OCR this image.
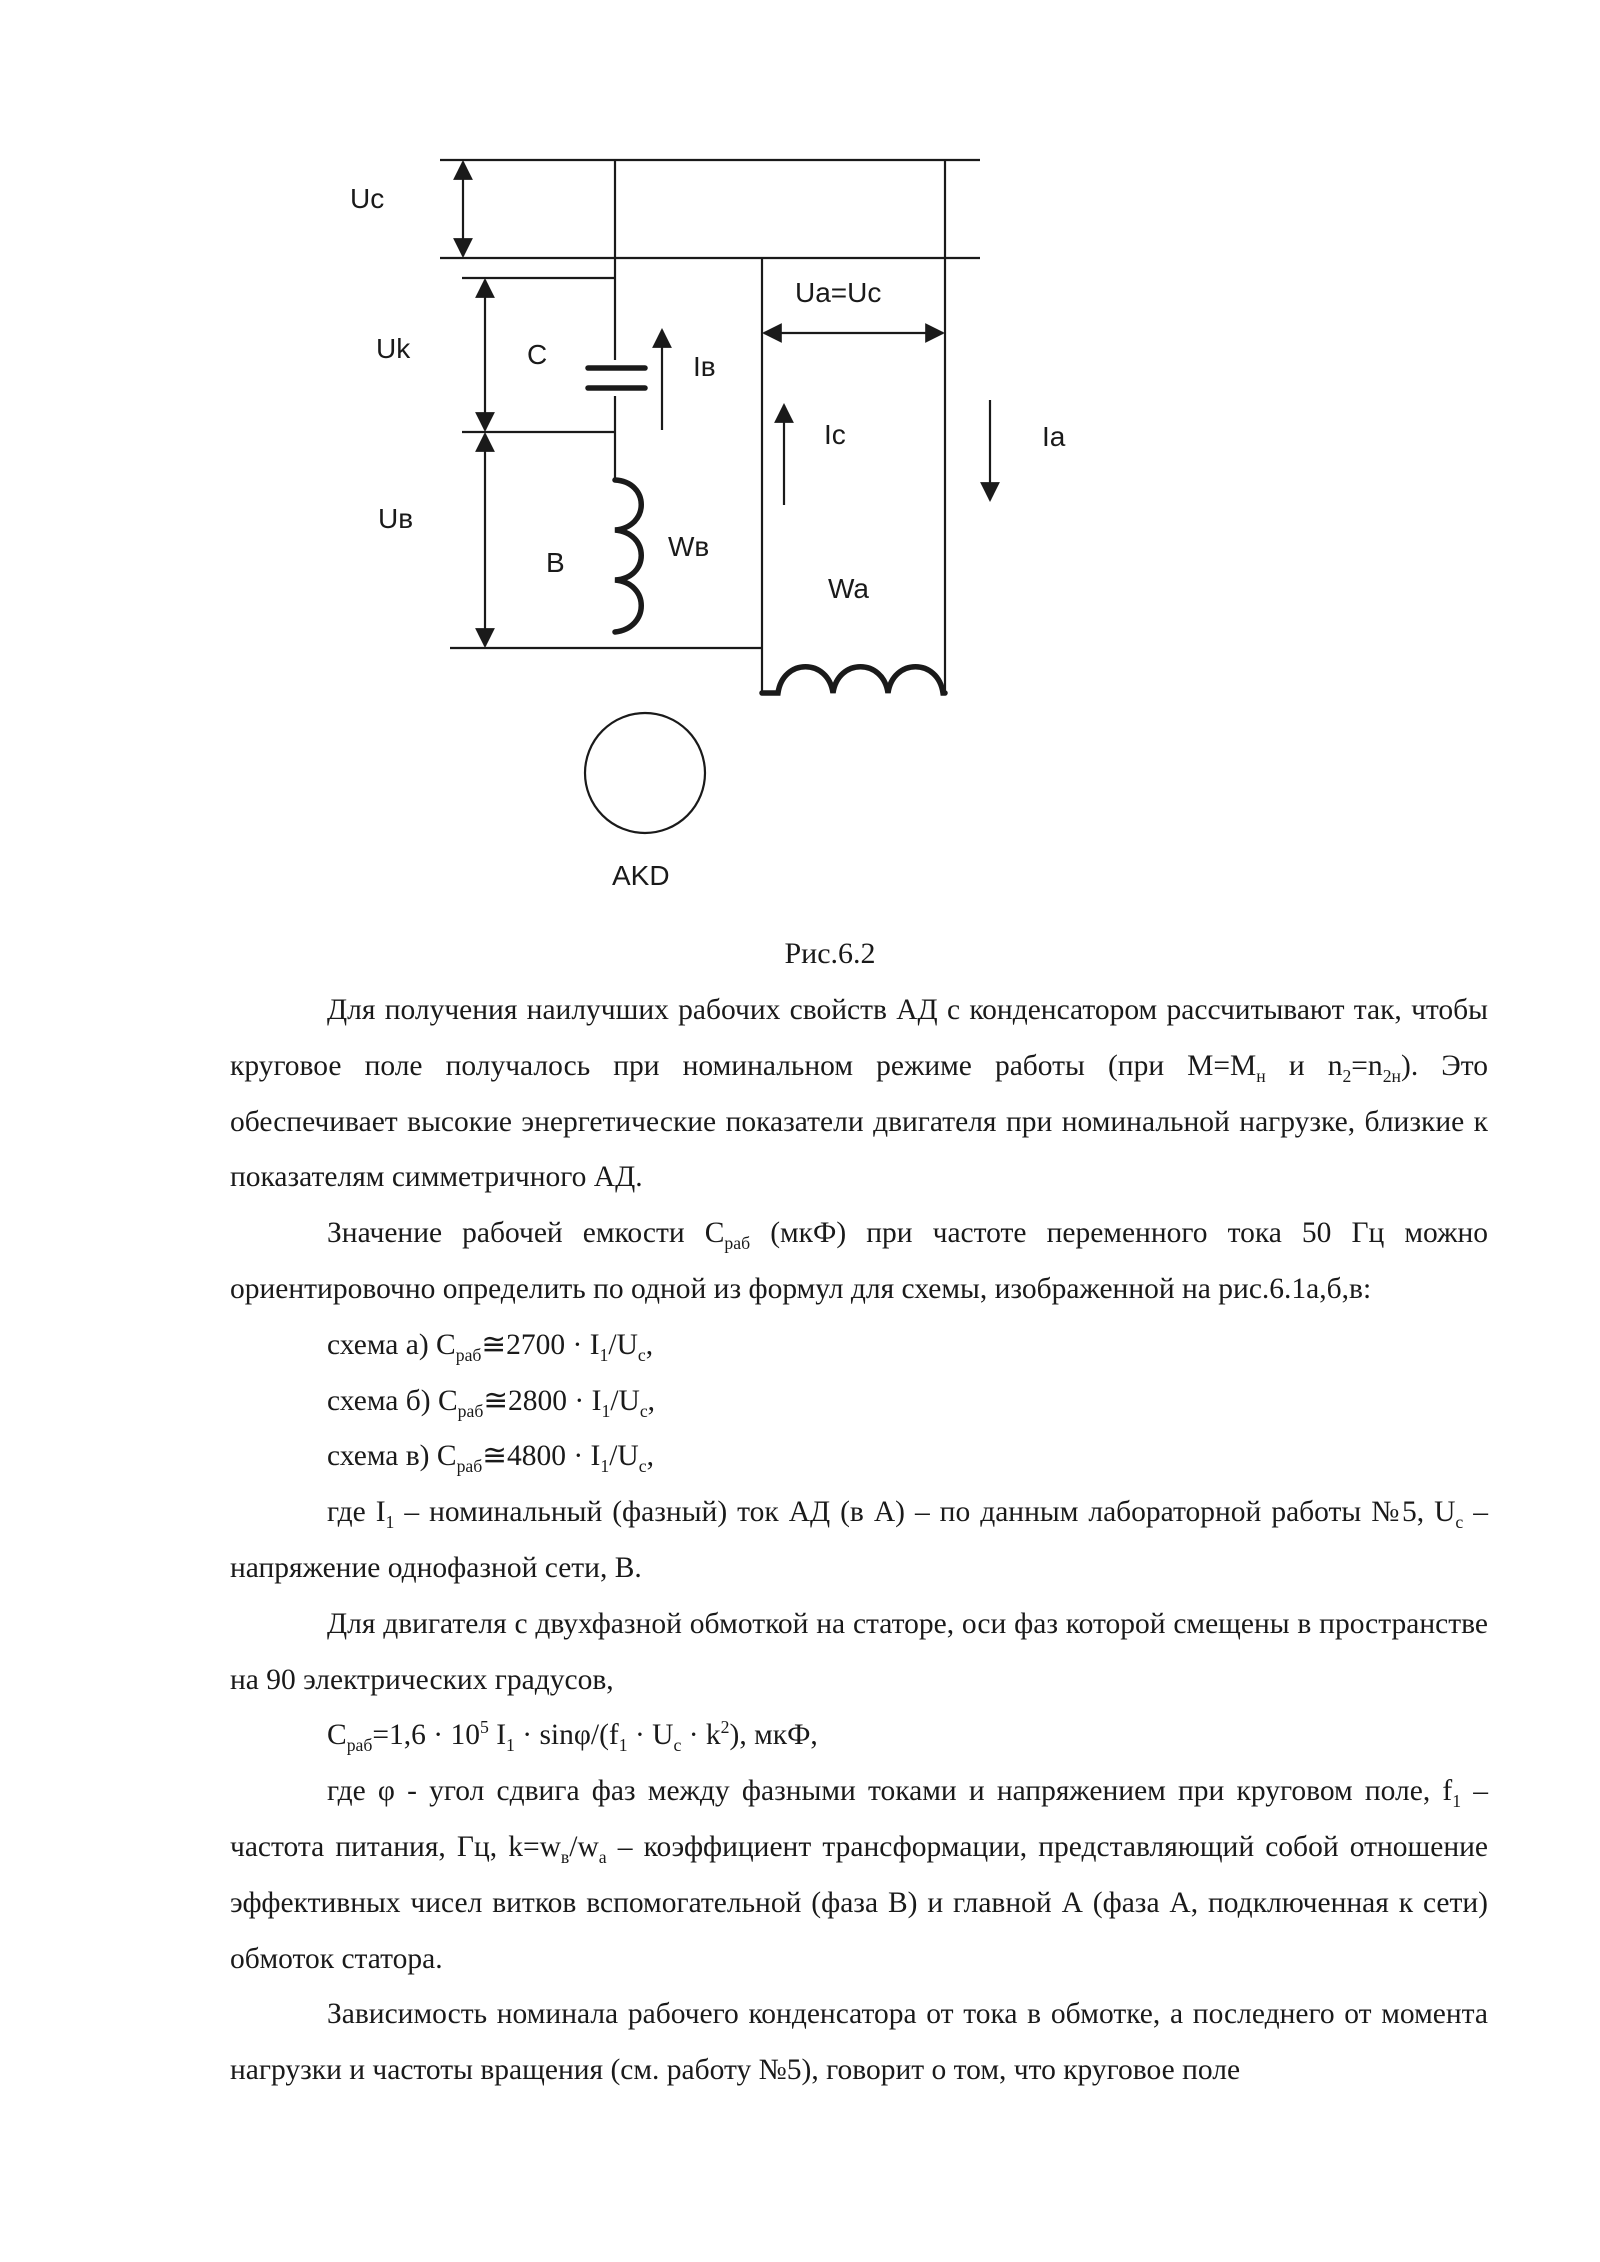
Uc
Uk
Uв
C	Iв
B
Wв
Ua=Uc
Ic	Ia
Wa
AKD
Рис.6.2

Для получения наилучших рабочих свойств АД с конденсатором рассчитывают так, чтобы круговое поле получалось при номинальном режиме работы (при $М=М_н$ и $n_2=n_{2н}$). Это обеспечивает высокие энергетические показатели двигателя при номинальной нагрузке, близкие к показателям симметричного АД.

Значение рабочей емкости $С_{раб}$ (мкФ) при частоте переменного тока 50 Гц можно ориентировочно определить по одной из формул для схемы, изображенной на рис.6.1а,б,в:

схема а) $С_{раб}≅2700 \cdot I_1/U_с$,

схема б) $С_{раб}≅2800 \cdot I_1/U_с$,

схема в) $С_{раб}≅4800 \cdot I_1/U_с$,

где $I_1$ – номинальный (фазный) ток АД (в А) – по данным лабораторной работы №5, $U_с$ – напряжение однофазной сети, В.

Для двигателя с двухфазной обмоткой на статоре, оси фаз которой смещены в пространстве на 90 электрических градусов,

$С_{раб}=1,6 \cdot 10^5$ $I_1 \cdot \sin\varphi/(f_1 \cdot U_с \cdot k^2)$, мкФ,

где φ - угол сдвига фаз между фазными токами и напряжением при круговом поле, $f_1$ – частота питания, Гц, $k=w_в/w_а$ – коэффициент трансформации, представляющий собой отношение эффективных чисел витков вспомогательной (фаза В) и главной А (фаза А, подключенная к сети) обмоток статора.

Зависимость номинала рабочего конденсатора от тока в обмотке, а последнего от момента нагрузки и частоты вращения (см. работу №5), говорит о том, что круговое поле
